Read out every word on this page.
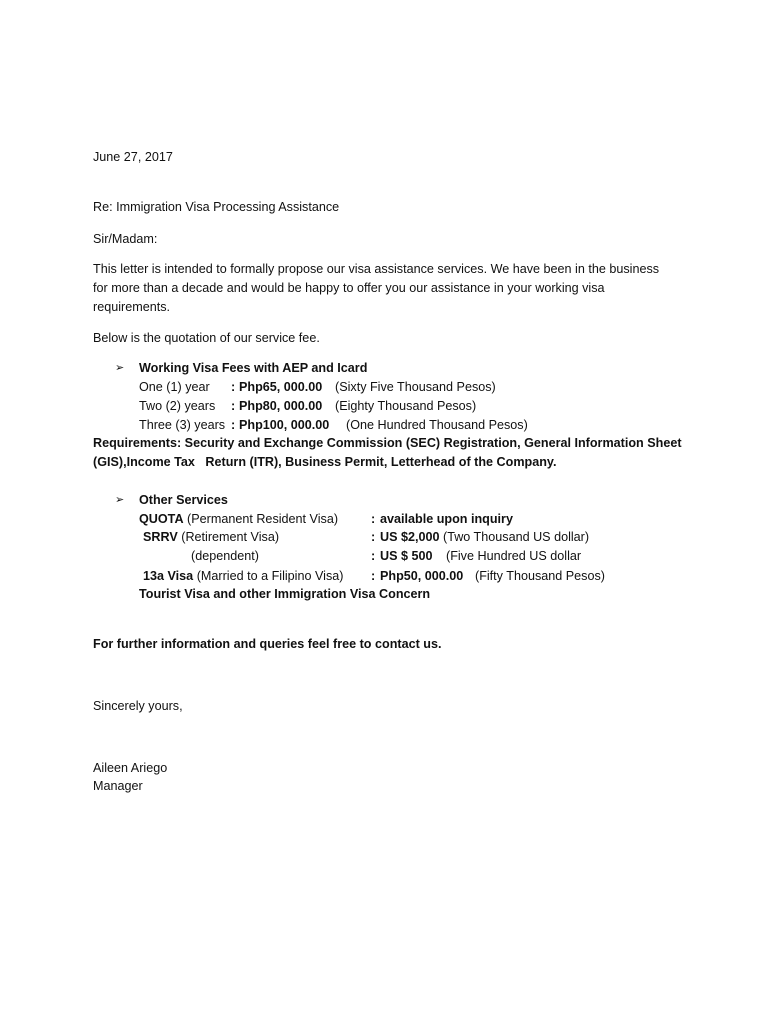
June 27, 2017
Re: Immigration Visa Processing Assistance
Sir/Madam:
This letter is intended to formally propose our visa assistance services. We have been in the business
for more than a decade and would be happy to offer you our assistance in your working visa
requirements.
Below is the quotation of our service fee.
➢ Working Visa Fees with AEP and Icard
One (1) year : Php65, 000.00 (Sixty Five Thousand Pesos)
Two (2) years : Php80, 000.00 (Eighty Thousand Pesos)
Three (3) years : Php100, 000.00 (One Hundred Thousand Pesos)
Requirements: Security and Exchange Commission (SEC) Registration, General Information Sheet
(GIS),Income Tax   Return (ITR), Business Permit, Letterhead of the Company.
➢ Other Services
QUOTA (Permanent Resident Visa)	: available upon inquiry
SRRV (Retirement Visa)	: US $2,000 (Two Thousand US dollar)
(dependent)	: US $ 500 (Five Hundred US dollar
13a Visa (Married to a Filipino Visa) : Php50, 000.00 (Fifty Thousand Pesos)
Tourist Visa and other Immigration Visa Concern
For further information and queries feel free to contact us.
Sincerely yours,
Aileen Ariego
Manager
